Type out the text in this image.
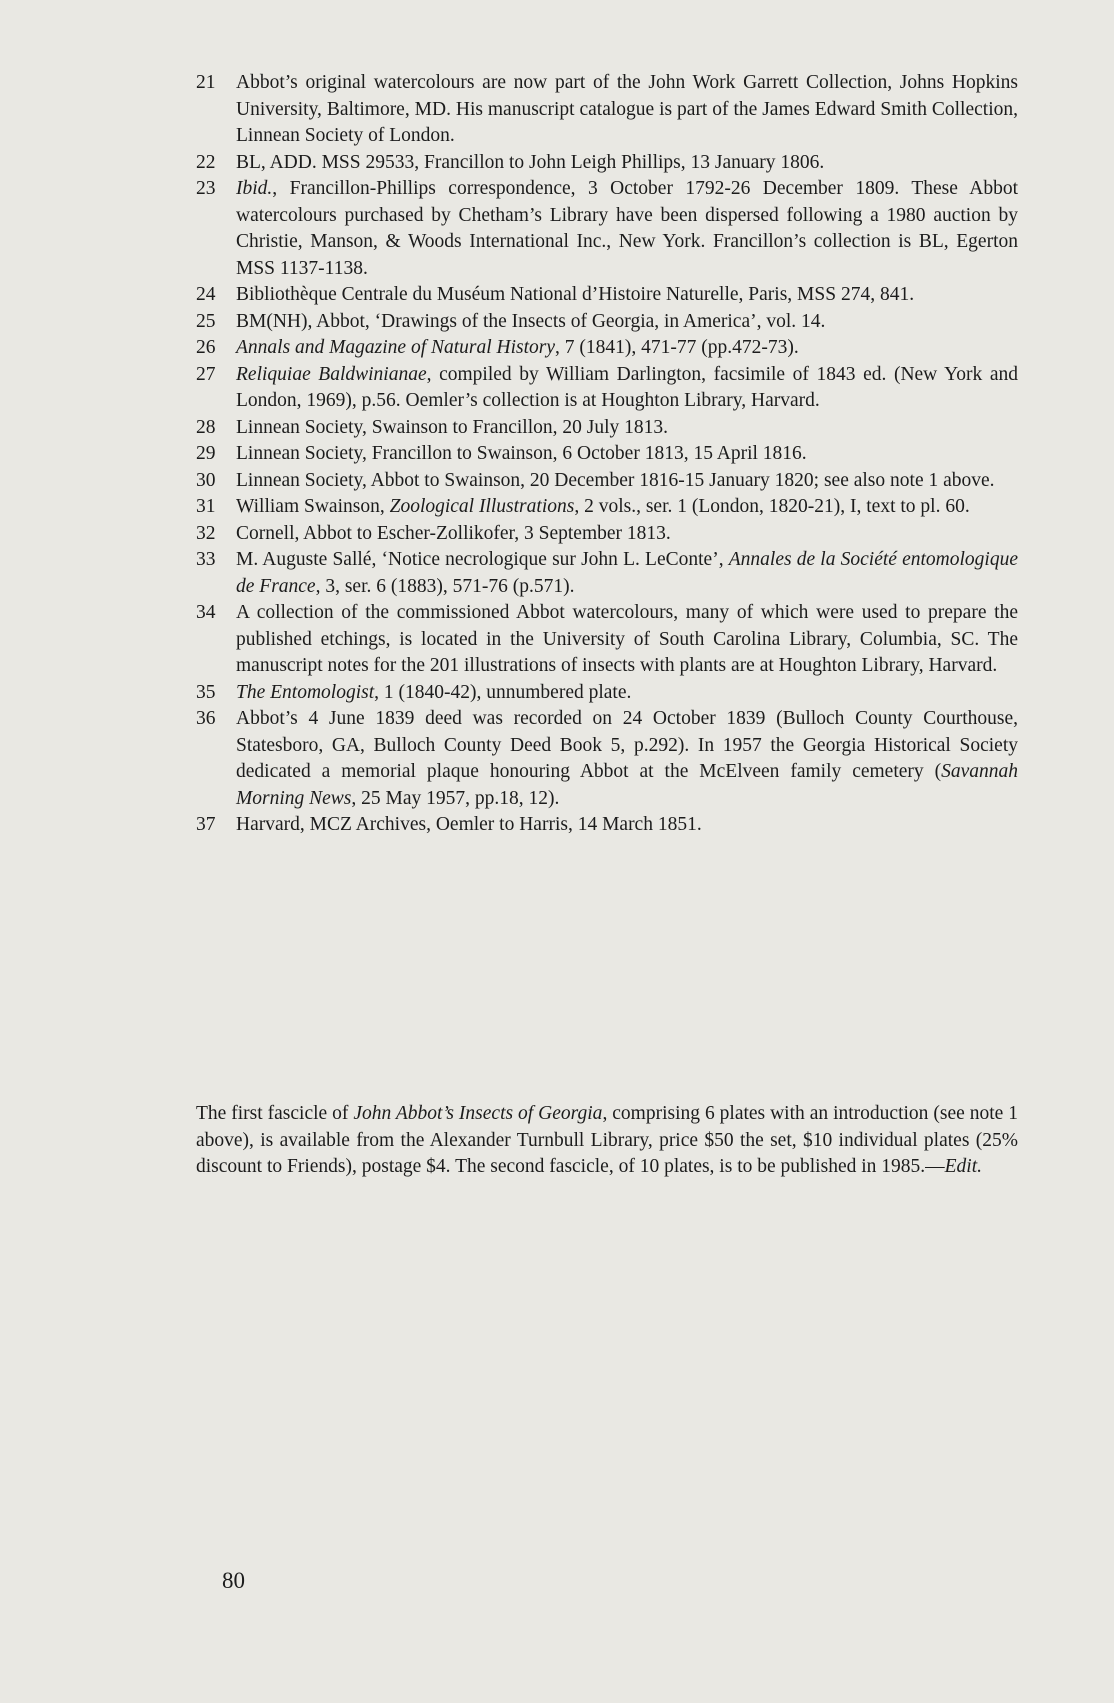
21	Abbot’s original watercolours are now part of the John Work Garrett Collection, Johns Hopkins University, Baltimore, MD. His manuscript catalogue is part of the James Edward Smith Collection, Linnean Society of London.
22	BL, ADD. MSS 29533, Francillon to John Leigh Phillips, 13 January 1806.
23	Ibid., Francillon-Phillips correspondence, 3 October 1792-26 December 1809. These Abbot watercolours purchased by Chetham’s Library have been dispersed following a 1980 auction by Christie, Manson, & Woods International Inc., New York. Francillon’s collection is BL, Egerton MSS 1137-1138.
24	Bibliothèque Centrale du Muséum National d’Histoire Naturelle, Paris, MSS 274, 841.
25	BM(NH), Abbot, ‘Drawings of the Insects of Georgia, in America’, vol. 14.
26	Annals and Magazine of Natural History, 7 (1841), 471-77 (pp.472-73).
27	Reliquiae Baldwinianae, compiled by William Darlington, facsimile of 1843 ed. (New York and London, 1969), p.56. Oemler’s collection is at Houghton Library, Harvard.
28	Linnean Society, Swainson to Francillon, 20 July 1813.
29	Linnean Society, Francillon to Swainson, 6 October 1813, 15 April 1816.
30	Linnean Society, Abbot to Swainson, 20 December 1816-15 January 1820; see also note 1 above.
31	William Swainson, Zoological Illustrations, 2 vols., ser. 1 (London, 1820-21), I, text to pl. 60.
32	Cornell, Abbot to Escher-Zollikofer, 3 September 1813.
33	M. Auguste Sallé, ‘Notice necrologique sur John L. LeConte’, Annales de la Société entomologique de France, 3, ser. 6 (1883), 571-76 (p.571).
34	A collection of the commissioned Abbot watercolours, many of which were used to prepare the published etchings, is located in the University of South Carolina Library, Columbia, SC. The manuscript notes for the 201 illustrations of insects with plants are at Houghton Library, Harvard.
35	The Entomologist, 1 (1840-42), unnumbered plate.
36	Abbot’s 4 June 1839 deed was recorded on 24 October 1839 (Bulloch County Courthouse, Statesboro, GA, Bulloch County Deed Book 5, p.292). In 1957 the Georgia Historical Society dedicated a memorial plaque honouring Abbot at the McElveen family cemetery (Savannah Morning News, 25 May 1957, pp.18, 12).
37	Harvard, MCZ Archives, Oemler to Harris, 14 March 1851.
The first fascicle of John Abbot’s Insects of Georgia, comprising 6 plates with an introduction (see note 1 above), is available from the Alexander Turnbull Library, price $50 the set, $10 individual plates (25% discount to Friends), postage $4. The second fascicle, of 10 plates, is to be published in 1985.—Edit.
80
